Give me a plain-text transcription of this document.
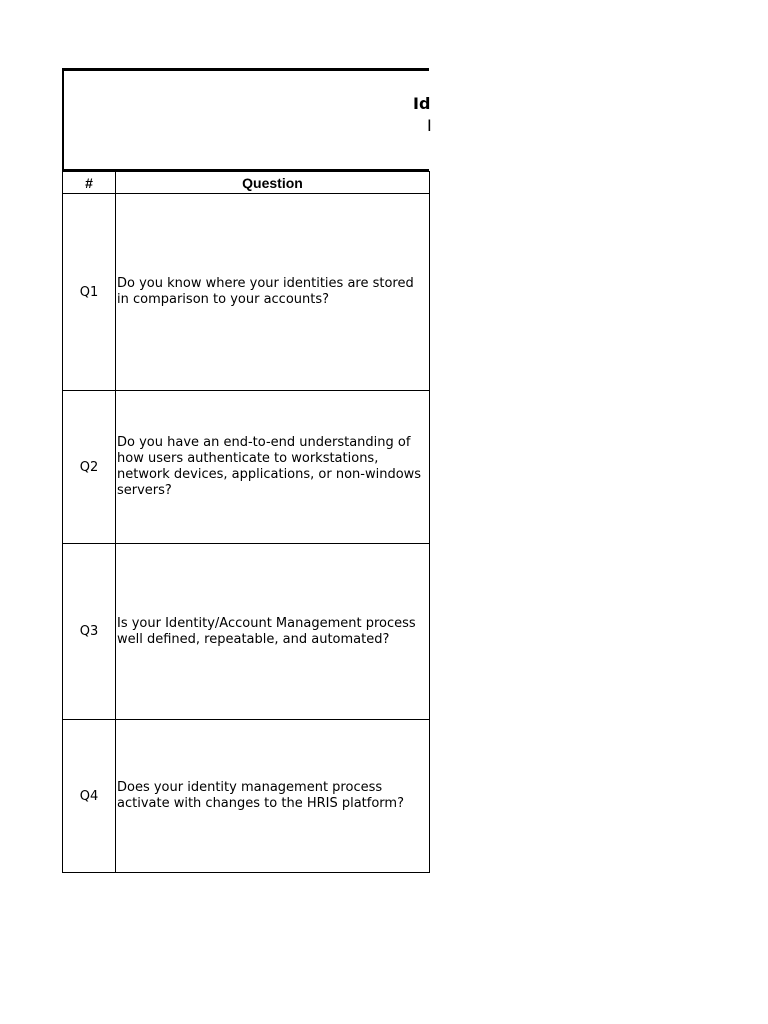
Id
I
#	Question
Q1	Do you know where your identities are stored in comparison to your accounts?
Q2	Do you have an end-to-end understanding of how users authenticate to workstations, network devices, applications, or non-windows servers?
Q3	Is your Identity/Account Management process well defined, repeatable, and automated?
Q4	Does your identity management process activate with changes to the HRIS platform?
